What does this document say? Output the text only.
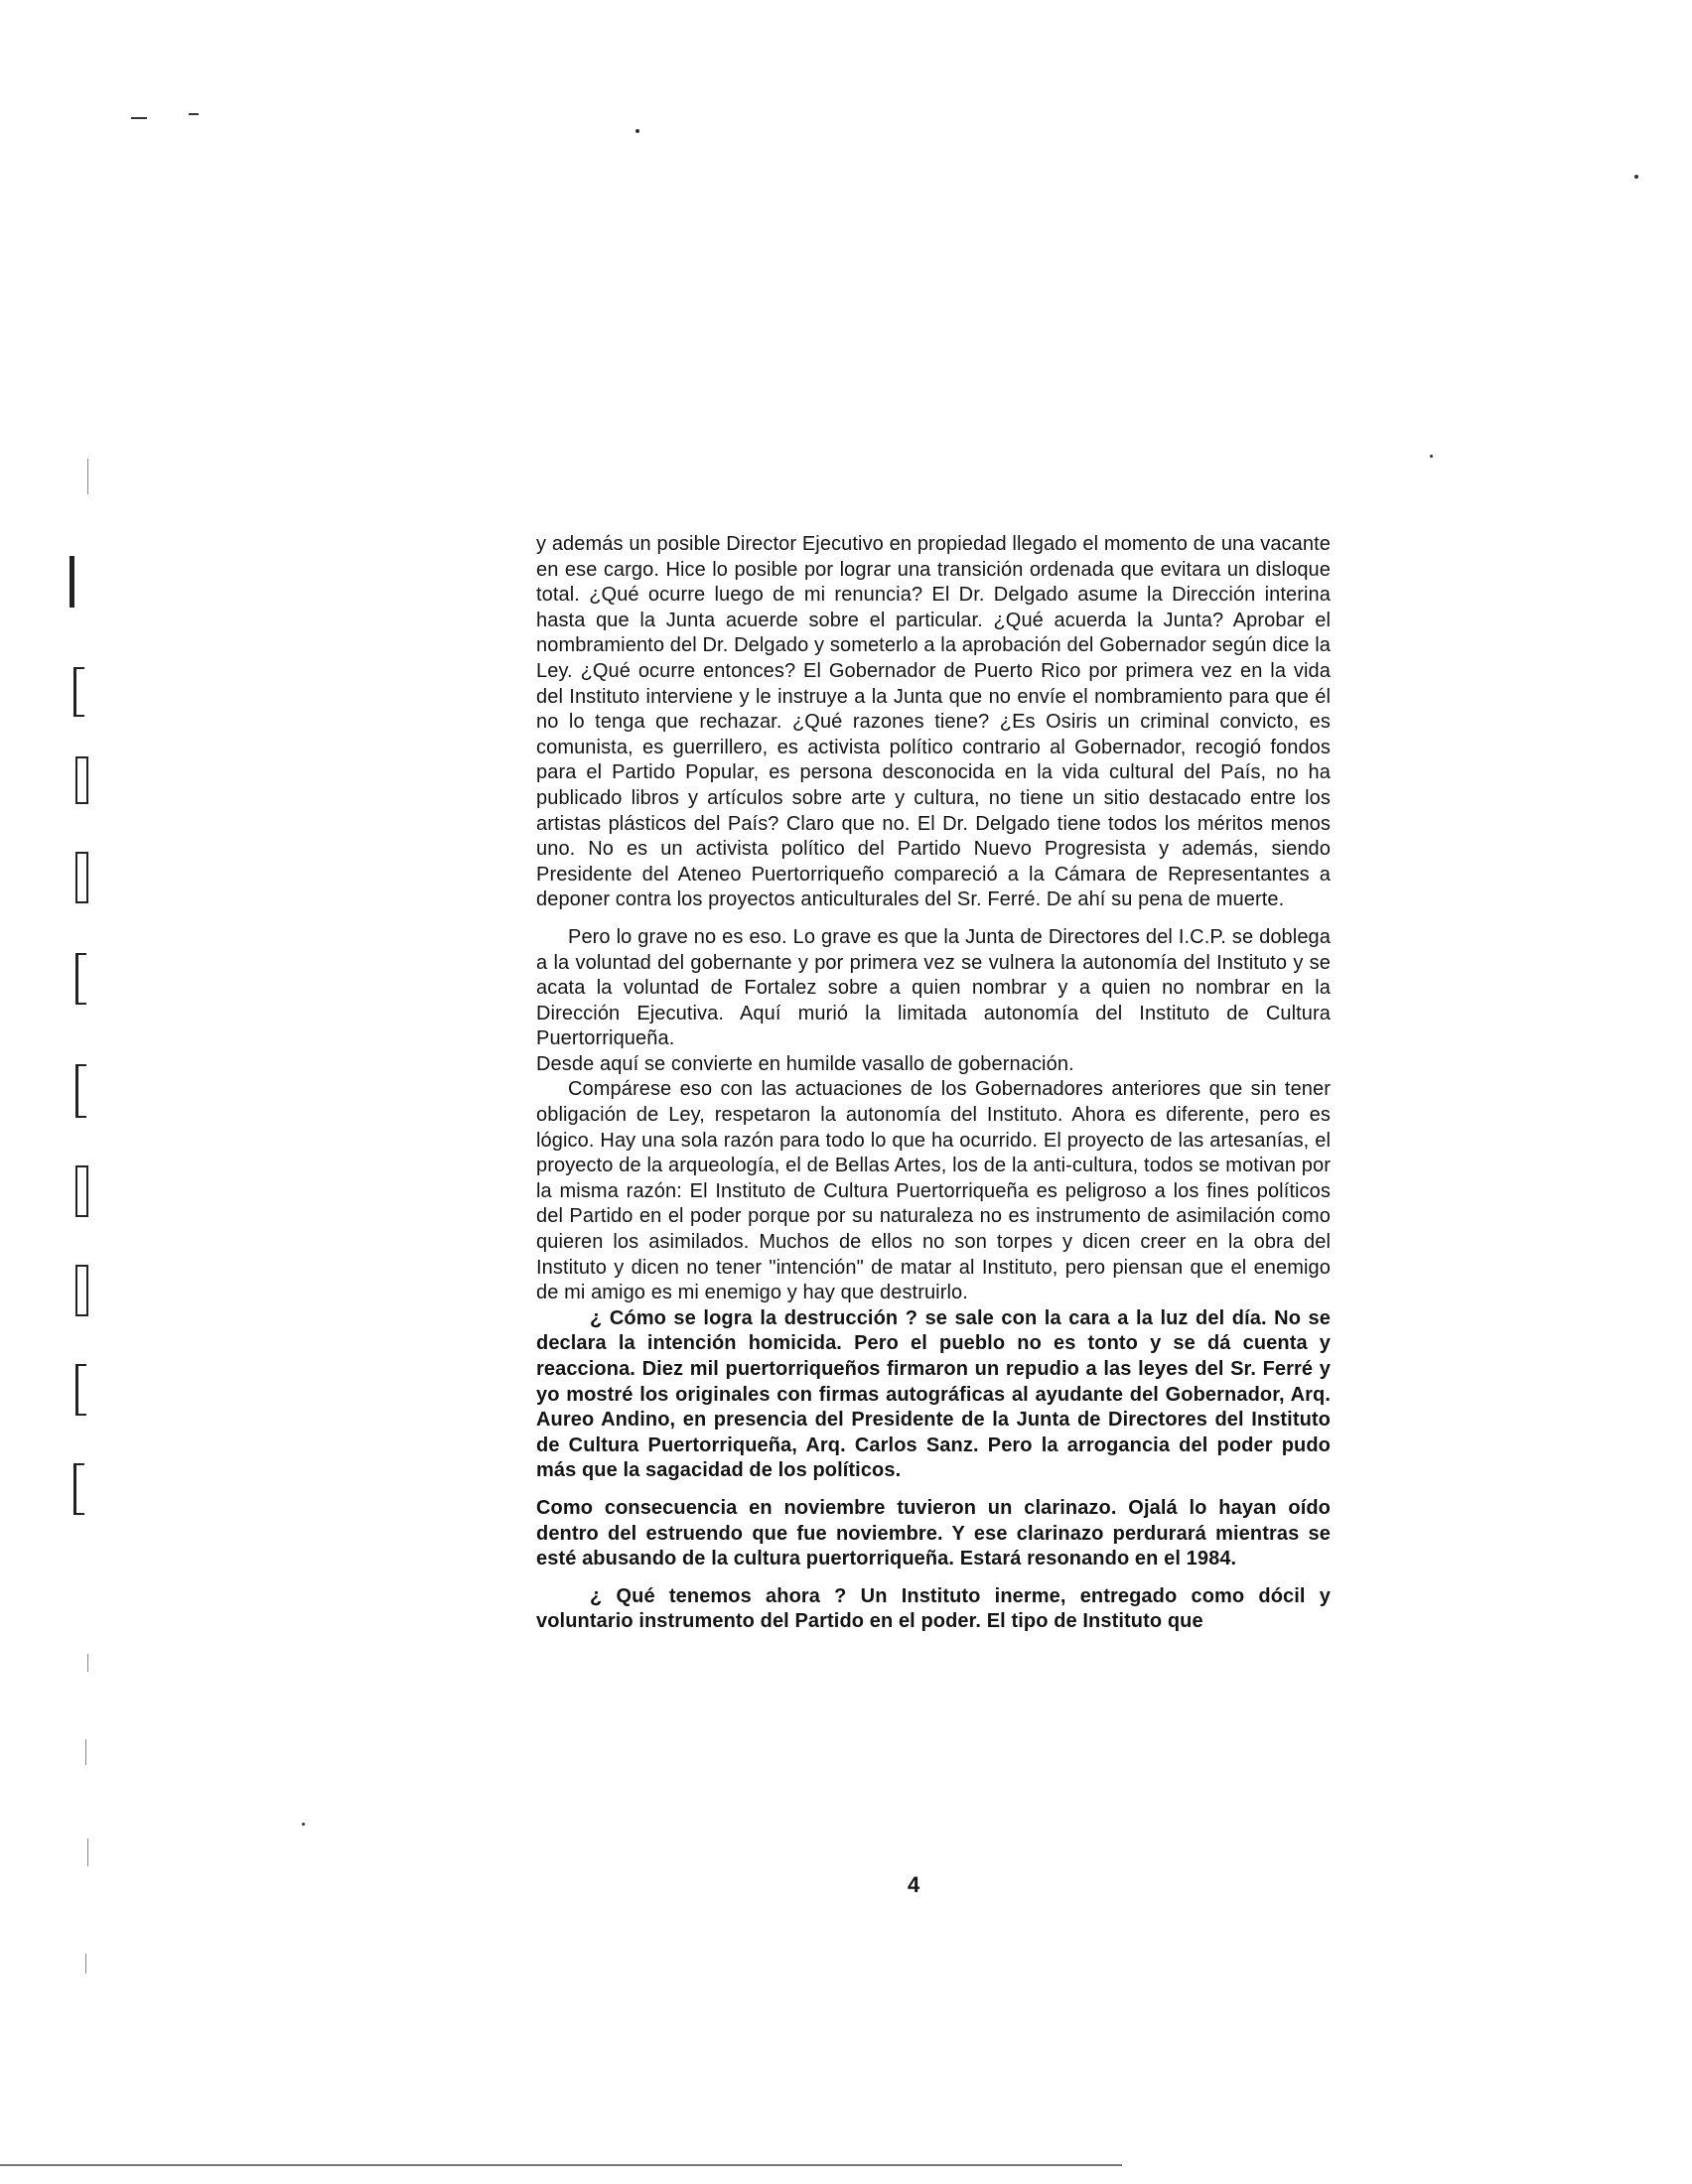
y además un posible Director Ejecutivo en propiedad llegado el momento de una vacante en ese cargo. Hice lo posible por lograr una transición ordenada que evitara un disloque total. ¿Qué ocurre luego de mi renuncia? El Dr. Delgado asume la Dirección interina hasta que la Junta acuerde sobre el particular. ¿Qué acuerda la Junta? Aprobar el nombramiento del Dr. Delgado y someterlo a la aprobación del Gobernador según dice la Ley. ¿Qué ocurre entonces? El Gobernador de Puerto Rico por primera vez en la vida del Instituto interviene y le instruye a la Junta que no envíe el nombramiento para que él no lo tenga que rechazar. ¿Qué razones tiene? ¿Es Osiris un criminal convicto, es comunista, es guerrillero, es activista político contrario al Gobernador, recogió fondos para el Partido Popular, es persona desconocida en la vida cultural del País, no ha publicado libros y artículos sobre arte y cultura, no tiene un sitio destacado entre los artistas plásticos del País? Claro que no. El Dr. Delgado tiene todos los méritos menos uno. No es un activista político del Partido Nuevo Progresista y además, siendo Presidente del Ateneo Puertorriqueño compareció a la Cámara de Representantes a deponer contra los proyectos anticulturales del Sr. Ferré. De ahí su pena de muerte.

Pero lo grave no es eso. Lo grave es que la Junta de Directores del I.C.P. se doblega a la voluntad del gobernante y por primera vez se vulnera la autonomía del Instituto y se acata la voluntad de Fortalez sobre a quien nombrar y a quien no nombrar en la Dirección Ejecutiva. Aquí murió la limitada autonomía del Instituto de Cultura Puertorriqueña.

Desde aquí se convierte en humilde vasallo de gobernación.

Compárese eso con las actuaciones de los Gobernadores anteriores que sin tener obligación de Ley, respetaron la autonomía del Instituto. Ahora es diferente, pero es lógico. Hay una sola razón para todo lo que ha ocurrido. El proyecto de las artesanías, el proyecto de la arqueología, el de Bellas Artes, los de la anti-cultura, todos se motivan por la misma razón: El Instituto de Cultura Puertorriqueña es peligroso a los fines políticos del Partido en el poder porque por su naturaleza no es instrumento de asimilación como quieren los asimilados. Muchos de ellos no son torpes y dicen creer en la obra del Instituto y dicen no tener "intención" de matar al Instituto, pero piensan que el enemigo de mi amigo es mi enemigo y hay que destruirlo.

¿ Cómo se logra la destrucción ? se sale con la cara a la luz del día. No se declara la intención homicida. Pero el pueblo no es tonto y se dá cuenta y reacciona. Diez mil puertorriqueños firmaron un repudio a las leyes del Sr. Ferré y yo mostré los originales con firmas autográficas al ayudante del Gobernador, Arq. Aureo Andino, en presencia del Presidente de la Junta de Directores del Instituto de Cultura Puertorriqueña, Arq. Carlos Sanz. Pero la arrogancia del poder pudo más que la sagacidad de los políticos.

Como consecuencia en noviembre tuvieron un clarinazo. Ojalá lo hayan oído dentro del estruendo que fue noviembre. Y ese clarinazo perdurará mientras se esté abusando de la cultura puertorriqueña. Estará resonando en el 1984.

¿ Qué tenemos ahora ? Un Instituto inerme, entregado como dócil y voluntario instrumento del Partido en el poder. El tipo de Instituto que

4
